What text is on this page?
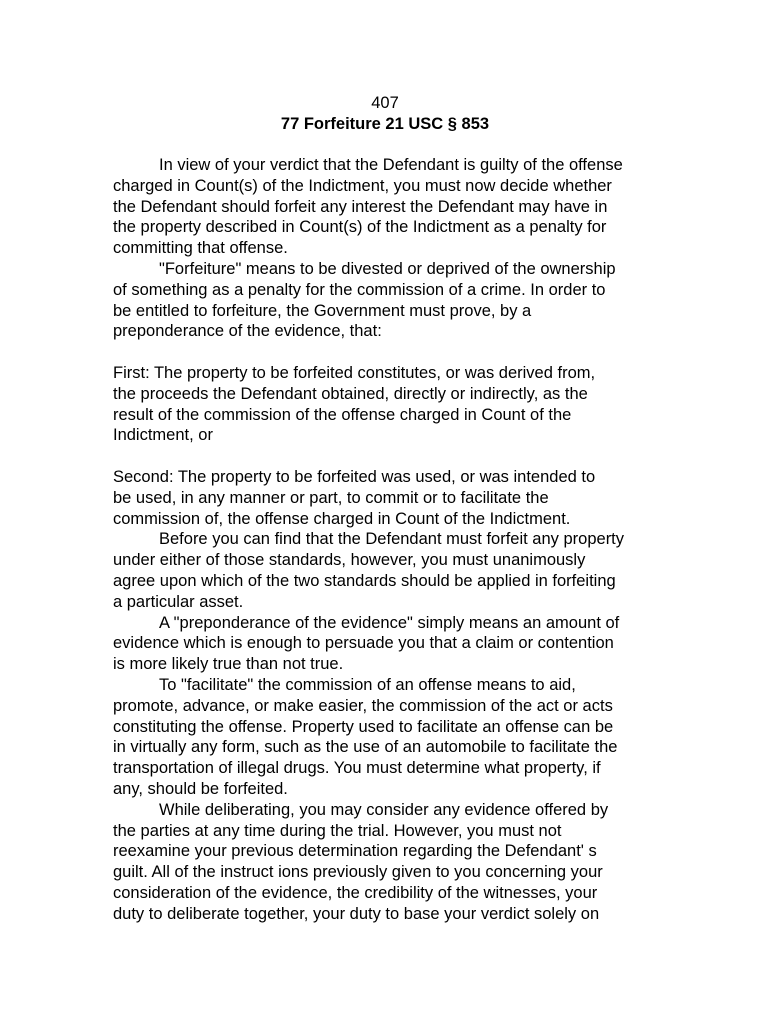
407
77 Forfeiture 21 USC § 853

In view of your verdict that the Defendant is guilty of the offense
charged in Count(s) of the Indictment, you must now decide whether
the Defendant should forfeit any interest the Defendant may have in
the property described in Count(s) of the Indictment as a penalty for
committing that offense.

"Forfeiture" means to be divested or deprived of the ownership
of something as a penalty for the commission of a crime. In order to
be entitled to forfeiture, the Government must prove, by a
preponderance of the evidence, that:

First: The property to be forfeited constitutes, or was derived from,
the proceeds the Defendant obtained, directly or indirectly, as the
result of the commission of the offense charged in Count of the
Indictment, or

Second: The property to be forfeited was used, or was intended to
be used, in any manner or part, to commit or to facilitate the
commission of, the offense charged in Count of the Indictment.

Before you can find that the Defendant must forfeit any property
under either of those standards, however, you must unanimously
agree upon which of the two standards should be applied in forfeiting
a particular asset.

A "preponderance of the evidence" simply means an amount of
evidence which is enough to persuade you that a claim or contention
is more likely true than not true.

To "facilitate" the commission of an offense means to aid,
promote, advance, or make easier, the commission of the act or acts
constituting the offense. Property used to facilitate an offense can be
in virtually any form, such as the use of an automobile to facilitate the
transportation of illegal drugs. You must determine what property, if
any, should be forfeited.

While deliberating, you may consider any evidence offered by
the parties at any time during the trial. However, you must not
reexamine your previous determination regarding the Defendant' s
guilt. All of the instruct ions previously given to you concerning your
consideration of the evidence, the credibility of the witnesses, your
duty to deliberate together, your duty to base your verdict solely on
